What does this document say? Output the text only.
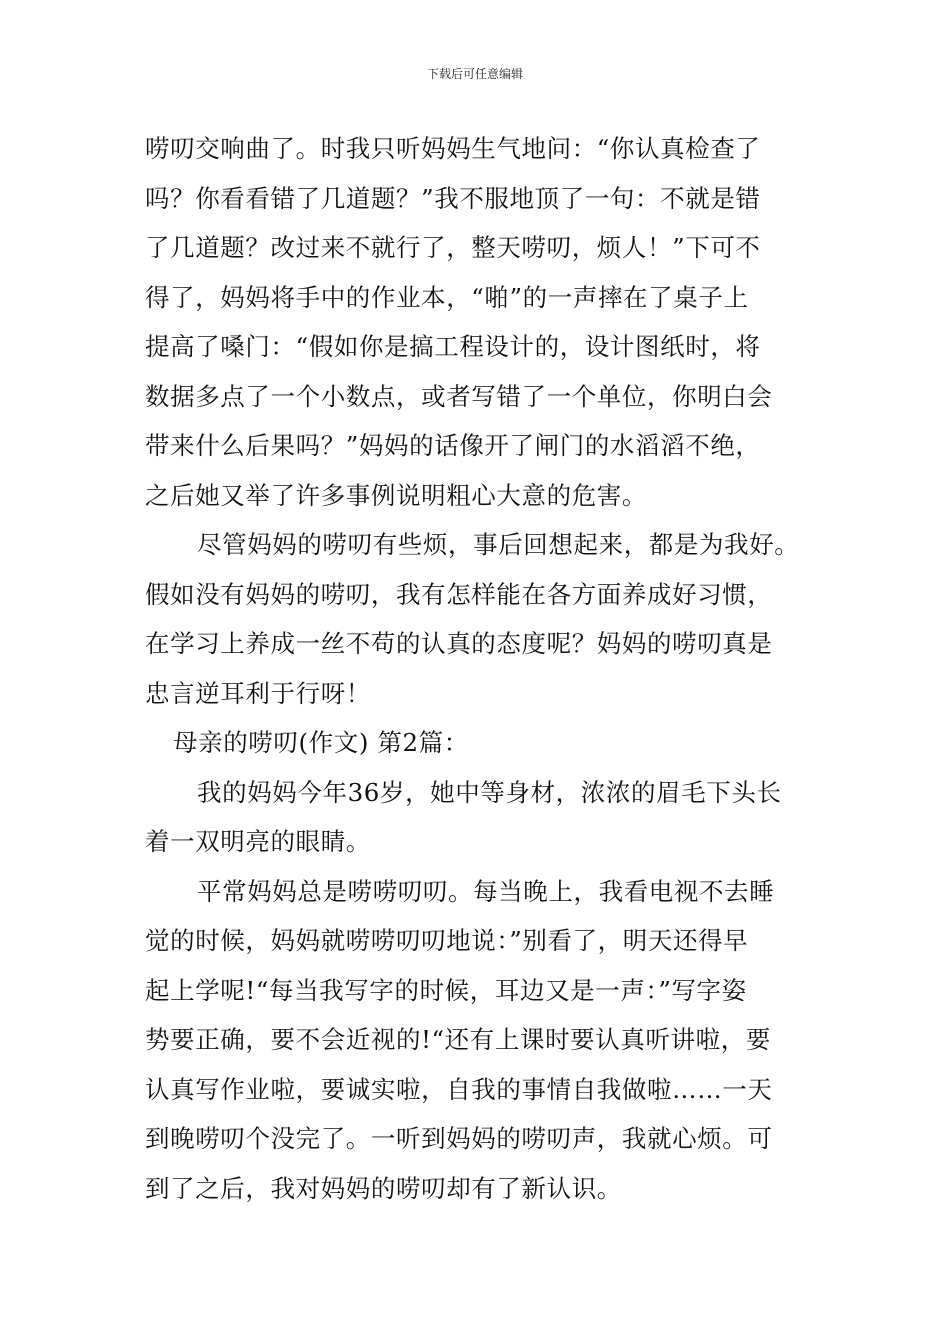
下载后可任意编辑
唠叨交响曲了。时我只听妈妈生气地问：“你认真检查了
吗？你看看错了几道题？”我不服地顶了一句：不就是错
了几道题？改过来不就行了，整天唠叨，烦人！”下可不
得了，妈妈将手中的作业本，“啪”的一声摔在了桌子上
提高了嗓门：“假如你是搞工程设计的，设计图纸时，将
数据多点了一个小数点，或者写错了一个单位，你明白会
带来什么后果吗？”妈妈的话像开了闸门的水滔滔不绝，
之后她又举了许多事例说明粗心大意的危害。
尽管妈妈的唠叨有些烦，事后回想起来，都是为我好。
假如没有妈妈的唠叨，我有怎样能在各方面养成好习惯，
在学习上养成一丝不苟的认真的态度呢？妈妈的唠叨真是
忠言逆耳利于行呀！
母亲的唠叨(作文) 第2篇：
我的妈妈今年36岁，她中等身材，浓浓的眉毛下头长
着一双明亮的眼睛。
平常妈妈总是唠唠叨叨。每当晚上，我看电视不去睡
觉的时候，妈妈就唠唠叨叨地说：”别看了，明天还得早
起上学呢!“每当我写字的时候，耳边又是一声：”写字姿
势要正确，要不会近视的!“还有上课时要认真听讲啦，要
认真写作业啦，要诚实啦，自我的事情自我做啦……一天
到晚唠叨个没完了。一听到妈妈的唠叨声，我就心烦。可
到了之后，我对妈妈的唠叨却有了新认识。
